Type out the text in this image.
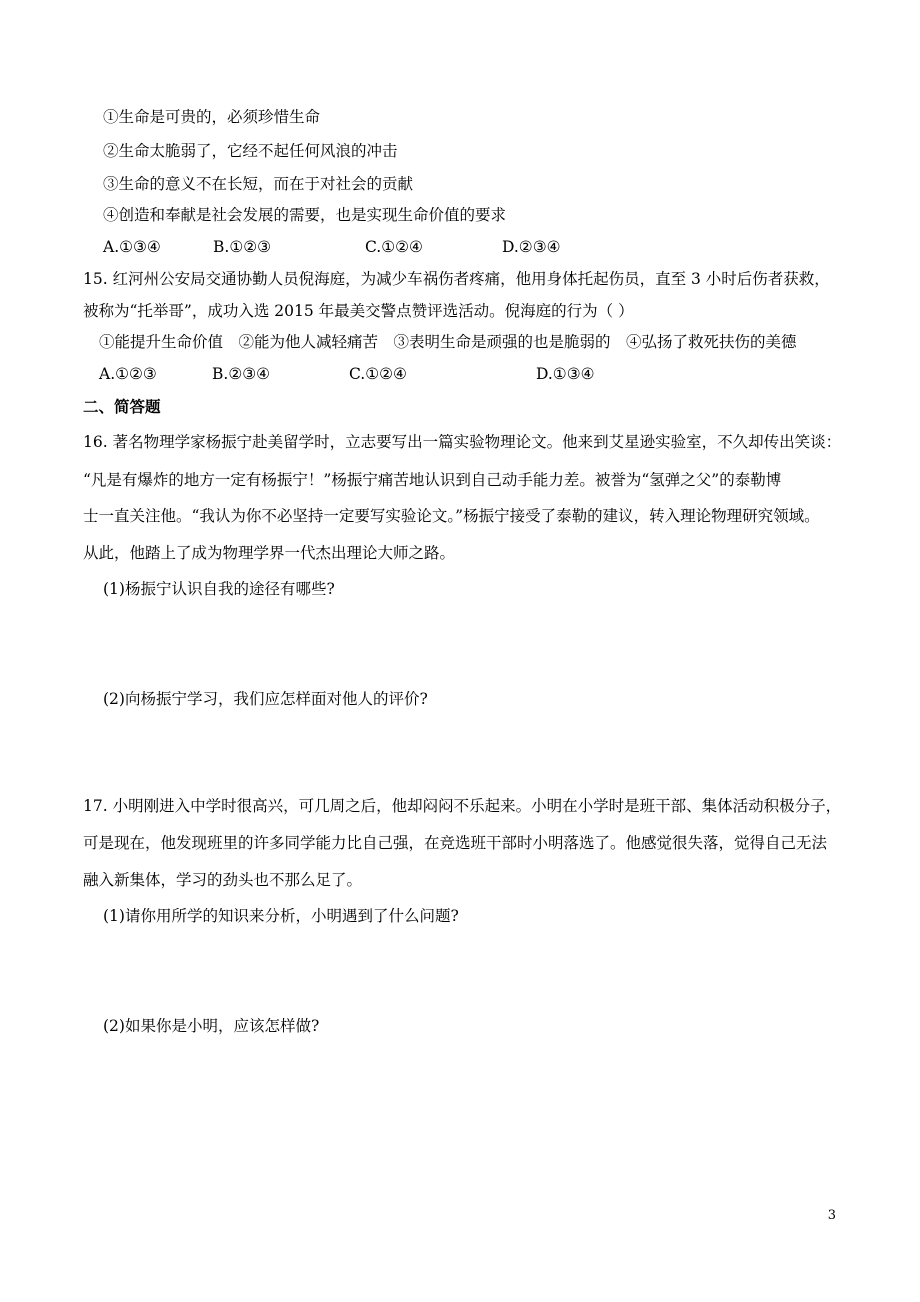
①生命是可贵的，必须珍惜生命
②生命太脆弱了，它经不起任何风浪的冲击
③生命的意义不在长短，而在于对社会的贡献
④创造和奉献是社会发展的需要，也是实现生命价值的要求
A.①③④	B.①②③	C.①②④	D.②③④
15. 红河州公安局交通协勤人员倪海庭，为减少车祸伤者疼痛，他用身体托起伤员，直至 3 小时后伤者获救，
被称为“托举哥”，成功入选 2015 年最美交警点赞评选活动。倪海庭的行为（ ）
①能提升生命价值　②能为他人减轻痛苦　③表明生命是顽强的也是脆弱的　④弘扬了救死扶伤的美德
A.①②③	B.②③④	C.①②④	D.①③④
二、简答题
16. 著名物理学家杨振宁赴美留学时，立志要写出一篇实验物理论文。他来到艾星逊实验室，不久却传出笑谈：
“凡是有爆炸的地方一定有杨振宁！”杨振宁痛苦地认识到自己动手能力差。被誉为“氢弹之父”的泰勒博
士一直关注他。“我认为你不必坚持一定要写实验论文。”杨振宁接受了泰勒的建议，转入理论物理研究领域。
从此，他踏上了成为物理学界一代杰出理论大师之路。
(1)杨振宁认识自我的途径有哪些?
(2)向杨振宁学习，我们应怎样面对他人的评价?
17. 小明刚进入中学时很高兴，可几周之后，他却闷闷不乐起来。小明在小学时是班干部、集体活动积极分子，
可是现在，他发现班里的许多同学能力比自己强，在竞选班干部时小明落选了。他感觉很失落，觉得自己无法
融入新集体，学习的劲头也不那么足了。
(1)请你用所学的知识来分析，小明遇到了什么问题?
(2)如果你是小明，应该怎样做?
3
